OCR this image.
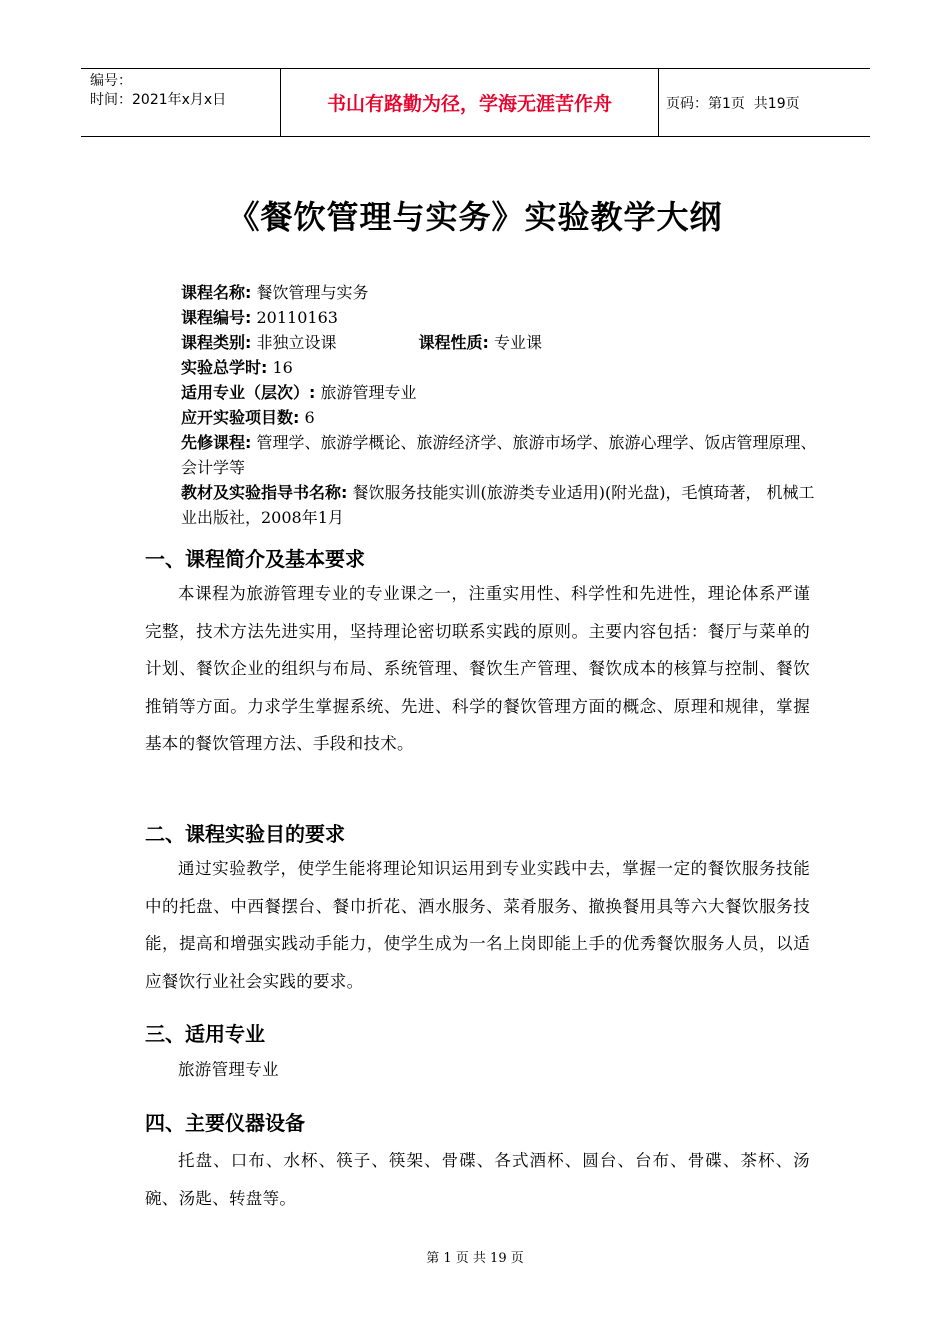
编号：
时间：2021年x月x日	书山有路勤为径，学海无涯苦作舟	页码：第1页  共19页
《餐饮管理与实务》实验教学大纲
课程名称: 餐饮管理与实务
课程编号: 20110163
课程类别: 非独立设课	课程性质: 专业课
实验总学时: 16
适用专业（层次）: 旅游管理专业
应开实验项目数: 6
先修课程: 管理学、旅游学概论、旅游经济学、旅游市场学、旅游心理学、饭店管理原理、会计学等
教材及实验指导书名称: 餐饮服务技能实训(旅游类专业适用)(附光盘)，毛慎琦著， 机械工业出版社，2008年1月
一、课程简介及基本要求
本课程为旅游管理专业的专业课之一，注重实用性、科学性和先进性，理论体系严谨完整，技术方法先进实用，坚持理论密切联系实践的原则。主要内容包括：餐厅与菜单的计划、餐饮企业的组织与布局、系统管理、餐饮生产管理、餐饮成本的核算与控制、餐饮推销等方面。力求学生掌握系统、先进、科学的餐饮管理方面的概念、原理和规律，掌握基本的餐饮管理方法、手段和技术。
二、课程实验目的要求
通过实验教学，使学生能将理论知识运用到专业实践中去，掌握一定的餐饮服务技能中的托盘、中西餐摆台、餐巾折花、酒水服务、菜肴服务、撤换餐用具等六大餐饮服务技能，提高和增强实践动手能力，使学生成为一名上岗即能上手的优秀餐饮服务人员，以适应餐饮行业社会实践的要求。
三、适用专业
旅游管理专业
四、主要仪器设备
托盘、口布、水杯、筷子、筷架、骨碟、各式酒杯、圆台、台布、骨碟、茶杯、汤碗、汤匙、转盘等。
第 1 页 共 19 页
